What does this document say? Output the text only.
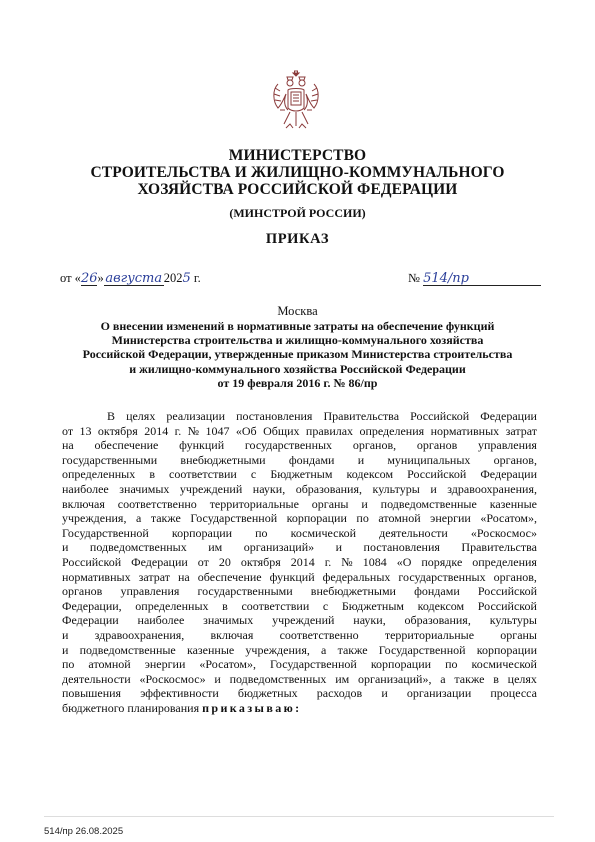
МИНИСТЕРСТВО
СТРОИТЕЛЬСТВА И ЖИЛИЩНО-КОММУНАЛЬНОГО
ХОЗЯЙСТВА РОССИЙСКОЙ ФЕДЕРАЦИИ
(МИНСТРОЙ РОССИИ)
ПРИКАЗ
от «26» августа 2025 г.	№ 514/пр
Москва
О внесении изменений в нормативные затраты на обеспечение функций
Министерства строительства и жилищно-коммунального хозяйства
Российской Федерации, утвержденные приказом Министерства строительства
и жилищно-коммунального хозяйства Российской Федерации
от 19 февраля 2016 г. № 86/пр
В целях реализации постановления Правительства Российской Федерации
от 13 октября 2014 г. № 1047 «Об Общих правилах определения нормативных затрат
на обеспечение функций государственных органов, органов управления
государственными внебюджетными фондами и муниципальных органов,
определенных в соответствии с Бюджетным кодексом Российской Федерации
наиболее значимых учреждений науки, образования, культуры и здравоохранения,
включая соответственно территориальные органы и подведомственные казенные
учреждения, а также Государственной корпорации по атомной энергии «Росатом»,
Государственной корпорации по космической деятельности «Роскосмос»
и подведомственных им организаций» и постановления Правительства
Российской Федерации от 20 октября 2014 г. № 1084 «О порядке определения
нормативных затрат на обеспечение функций федеральных государственных органов,
органов управления государственными внебюджетными фондами Российской
Федерации, определенных в соответствии с Бюджетным кодексом Российской
Федерации наиболее значимых учреждений науки, образования, культуры
и здравоохранения, включая соответственно территориальные органы
и подведомственные казенные учреждения, а также Государственной корпорации
по атомной энергии «Росатом», Государственной корпорации по космической
деятельности «Роскосмос» и подведомственных им организаций», а также в целях
повышения эффективности бюджетных расходов и организации процесса
бюджетного планирования приказываю:
514/пр 26.08.2025
